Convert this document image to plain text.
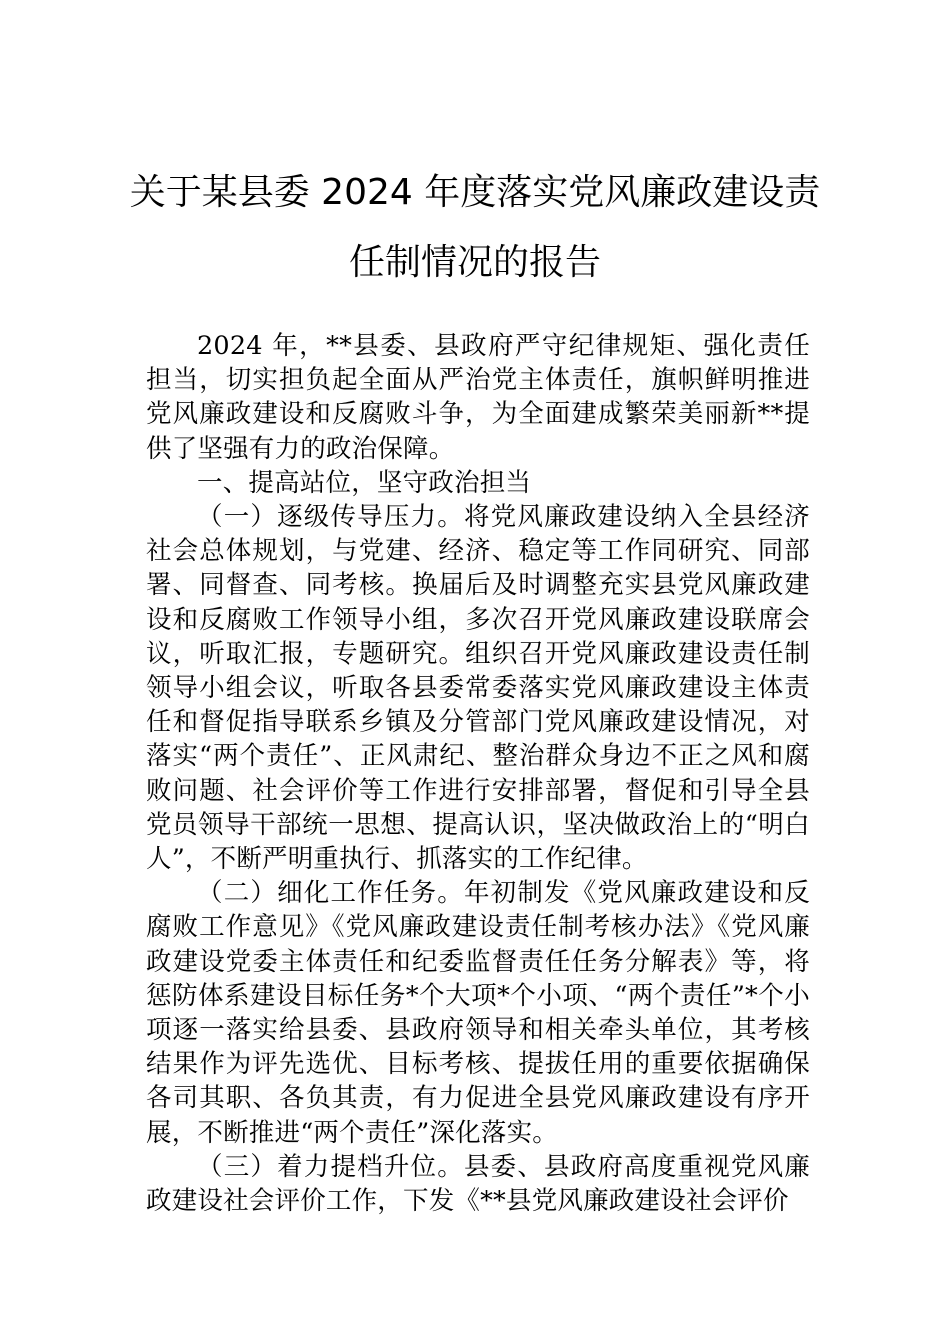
关于某县委 2024 年度落实党风廉政建设责
任制情况的报告

2024 年，**县委、县政府严守纪律规矩、强化责任担当，切实担负起全面从严治党主体责任，旗帜鲜明推进党风廉政建设和反腐败斗争，为全面建成繁荣美丽新**提供了坚强有力的政治保障。

一、提高站位，坚守政治担当

（一）逐级传导压力。将党风廉政建设纳入全县经济社会总体规划，与党建、经济、稳定等工作同研究、同部署、同督查、同考核。换届后及时调整充实县党风廉政建设和反腐败工作领导小组，多次召开党风廉政建设联席会议，听取汇报，专题研究。组织召开党风廉政建设责任制领导小组会议，听取各县委常委落实党风廉政建设主体责任和督促指导联系乡镇及分管部门党风廉政建设情况，对落实“两个责任”、正风肃纪、整治群众身边不正之风和腐败问题、社会评价等工作进行安排部署，督促和引导全县党员领导干部统一思想、提高认识，坚决做政治上的“明白人”，不断严明重执行、抓落实的工作纪律。

（二）细化工作任务。年初制发《党风廉政建设和反腐败工作意见》《党风廉政建设责任制考核办法》《党风廉政建设党委主体责任和纪委监督责任任务分解表》等，将惩防体系建设目标任务*个大项*个小项、“两个责任”*个小项逐一落实给县委、县政府领导和相关牵头单位，其考核结果作为评先选优、目标考核、提拔任用的重要依据确保各司其职、各负其责，有力促进全县党风廉政建设有序开展，不断推进“两个责任”深化落实。

（三）着力提档升位。县委、县政府高度重视党风廉政建设社会评价工作，下发《**县党风廉政建设社会评价
